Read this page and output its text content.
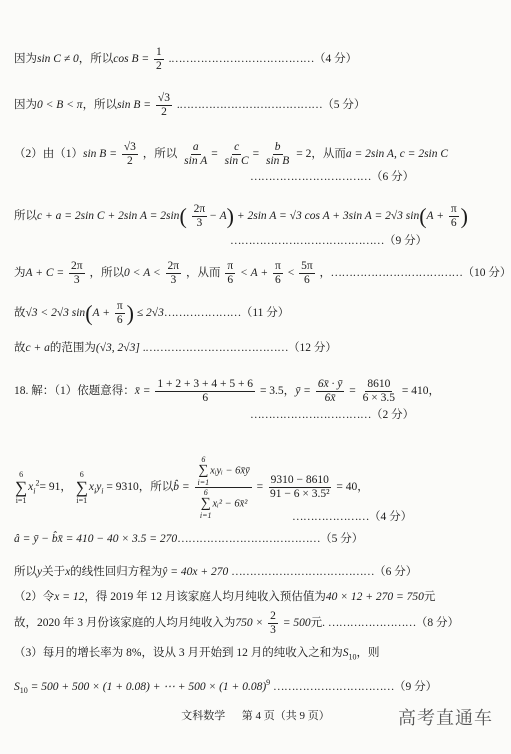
因为sin C ≠ 0，所以$\cos B = \frac{1}{2}$ .…………………………………（4 分）
因为0 < B < π，所以$\sin B = \frac{√3}{2}$ .…………………………………（5 分）
（2）由（1）sin $B = \frac{√3}{2}$ ，所以 $\frac{a}{\text{sin A}} = \frac{c}{\text{sin C}} = \frac{b}{\text{sin B}} = 2$，从而a = 2sin A, c = 2sin C
……………………………（6 分）
所以c + a = 2sin C + 2sin $A = 2\sin( \frac{2\pi}{3} - A) + 2\sin$ A = √3 cos A + 3sin A = 2√3 $\sin(A + \frac{\pi}{6}$ )
……………………………………（9 分）
为$A + C = \frac{2\pi}{3}$ ，所以$0 < A < \frac{2\pi}{3}$ ，从而 $\frac{\pi}{6} < A + \frac{\pi}{6} < \frac{5\pi}{6}$ ，………………………………（10 分）
故√3 < 2√3 $\sin(A + \frac{\pi}{6}$ ) ≤ 2√3…………………（11 分）
故c + a的范围为(√3, 2√3] .…………………………………（12 分）
18. 解：（1）依题意得：x̄ = $\frac{1 + 2 + 3 + 4 + 5 + 6}{6} = 3.5$，ȳ = $\frac{6x̄ \cdot ȳ}{6x̄} = \frac{8610}{6 \times 3.5} = 410$，
……………………………（2 分）
6
∑
i=1
$x_i^2= 91$，
6
∑
i=1
$x_iy_i = 9310$，所以b̂ = 6
∑
i=1
xᵢyᵢ − 6x̄ȳ
6
∑
i=1
xᵢ² − 6x̄² = $\frac{9310 - 8610}{\text{91 − 6 × 3.5²}} = 40$，
…………………（4 分）
â = ȳ − b̂x̄ = 410 − 40 × 3.5 = 270…………………………………（5 分）
所以y关于x的线性回归方程为ŷ = 40x + 270 …………………………………（6 分）
（2）令x = 12，得 2019 年 12 月该家庭人均月纯收入预估值为40 × 12 + 270 = 750元
故，2020 年 3 月份该家庭的人均月纯收入为$750 \times \frac{2}{3} = 500$元. ……………………（8 分）
（3）每月的增长率为 8%，设从 3 月开始到 12 月的纯收入之和为$S_{10}$，则
$S_{10} = 500 + 500 \times (1 + 0.08)$ + ⋯ + $500 \times (1 + 0.08)^9$ ……………………………（9 分）
文科数学 第 4 页（共 9 页）	高考直通车
